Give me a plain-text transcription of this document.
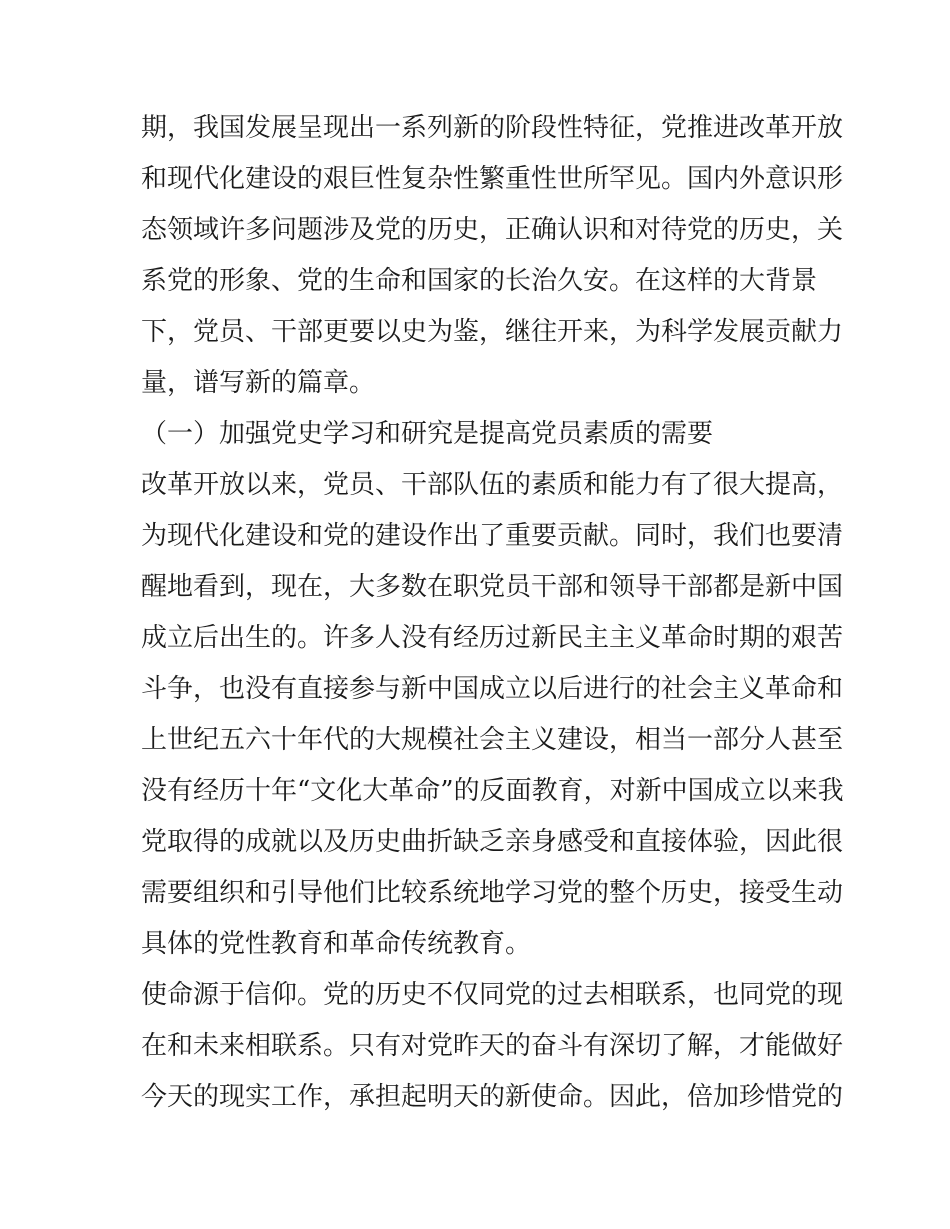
期，我国发展呈现出一系列新的阶段性特征，党推进改革开放
和现代化建设的艰巨性复杂性繁重性世所罕见。国内外意识形
态领域许多问题涉及党的历史，正确认识和对待党的历史，关
系党的形象、党的生命和国家的长治久安。在这样的大背景
下，党员、干部更要以史为鉴，继往开来，为科学发展贡献力
量，谱写新的篇章。
（一）加强党史学习和研究是提高党员素质的需要
改革开放以来，党员、干部队伍的素质和能力有了很大提高，
为现代化建设和党的建设作出了重要贡献。同时，我们也要清
醒地看到，现在，大多数在职党员干部和领导干部都是新中国
成立后出生的。许多人没有经历过新民主主义革命时期的艰苦
斗争，也没有直接参与新中国成立以后进行的社会主义革命和
上世纪五六十年代的大规模社会主义建设，相当一部分人甚至
没有经历十年“文化大革命”的反面教育，对新中国成立以来我
党取得的成就以及历史曲折缺乏亲身感受和直接体验，因此很
需要组织和引导他们比较系统地学习党的整个历史，接受生动
具体的党性教育和革命传统教育。
使命源于信仰。党的历史不仅同党的过去相联系，也同党的现
在和未来相联系。只有对党昨天的奋斗有深切了解，才能做好
今天的现实工作，承担起明天的新使命。因此，倍加珍惜党的
